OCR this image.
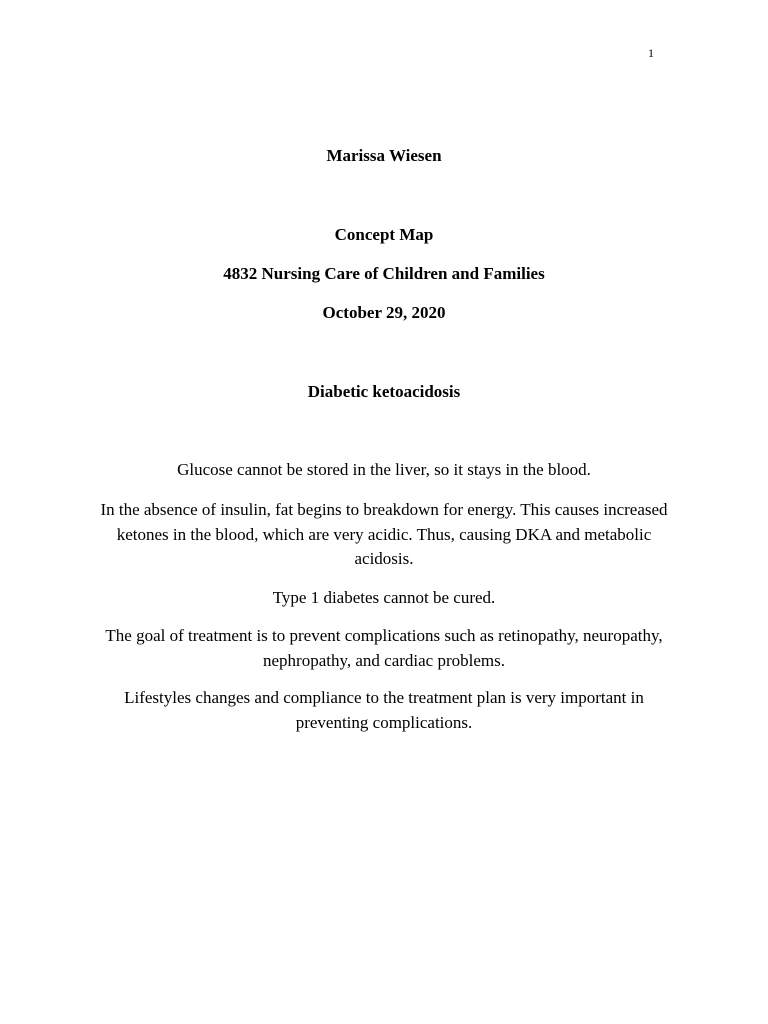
1

Marissa Wiesen

Concept Map

4832 Nursing Care of Children and Families

October 29, 2020

Diabetic ketoacidosis

Glucose cannot be stored in the liver, so it stays in the blood.

In the absence of insulin, fat begins to breakdown for energy. This causes increased ketones in the blood, which are very acidic. Thus, causing DKA and metabolic acidosis.

Type 1 diabetes cannot be cured.

The goal of treatment is to prevent complications such as retinopathy, neuropathy, nephropathy, and cardiac problems.

Lifestyles changes and compliance to the treatment plan is very important in preventing complications.
